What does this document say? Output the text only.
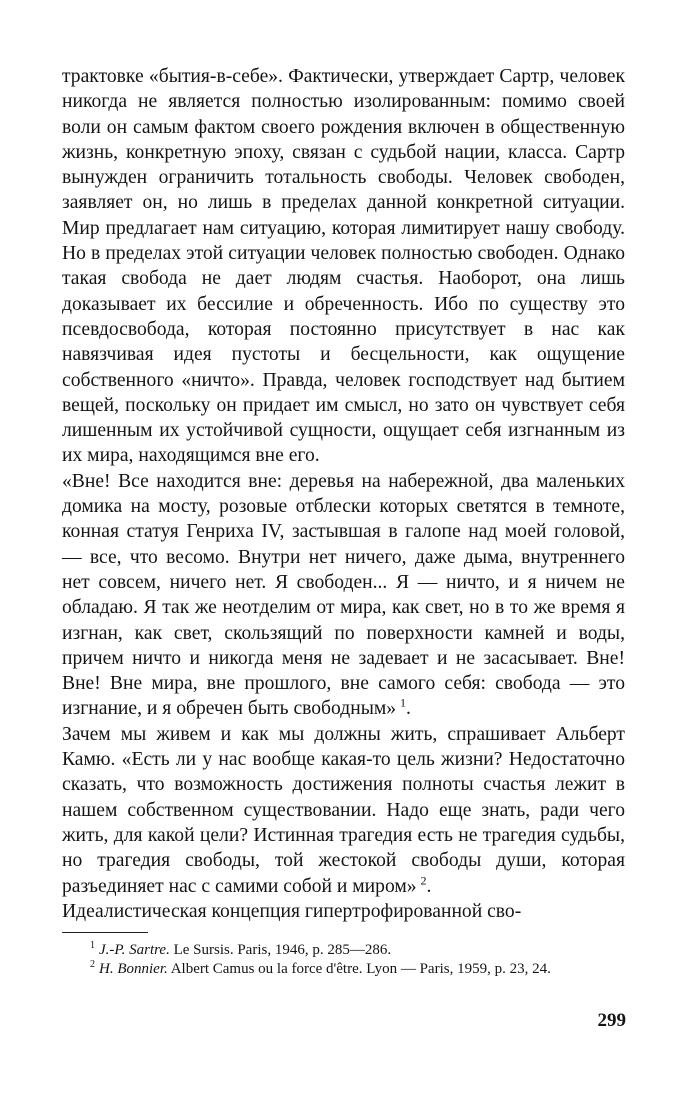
трактовке «бытия-в-себе». Фактически, утверждает Сартр, человек никогда не является полностью изолированным: помимо своей воли он самым фактом своего рождения включен в общественную жизнь, конкретную эпоху, связан с судьбой нации, класса. Сартр вынужден ограничить тотальность свободы. Человек свободен, заявляет он, но лишь в пределах данной конкретной ситуации. Мир предлагает нам ситуацию, которая лимитирует нашу свободу. Но в пределах этой ситуации человек полностью свободен. Однако такая свобода не дает людям счастья. Наоборот, она лишь доказывает их бессилие и обреченность. Ибо по существу это псевдосвобода, которая постоянно присутствует в нас как навязчивая идея пустоты и бесцельности, как ощущение собственного «ничто». Правда, человек господствует над бытием вещей, поскольку он придает им смысл, но зато он чувствует себя лишенным их устойчивой сущности, ощущает себя изгнанным из их мира, находящимся вне его.

«Вне! Все находится вне: деревья на набережной, два маленьких домика на мосту, розовые отблески которых светятся в темноте, конная статуя Генриха IV, застывшая в галопе над моей головой, — все, что весомо. Внутри нет ничего, даже дыма, внутреннего нет совсем, ничего нет. Я свободен... Я — ничто, и я ничем не обладаю. Я так же неотделим от мира, как свет, но в то же время я изгнан, как свет, скользящий по поверхности камней и воды, причем ничто и никогда меня не задевает и не засасывает. Вне! Вне! Вне мира, вне прошлого, вне самого себя: свобода — это изгнание, и я обречен быть свободным»  $^1$.

Зачем мы живем и как мы должны жить, спрашивает Альберт Камю. «Есть ли у нас вообще какая-то цель жизни? Недостаточно сказать, что возможность достижения полноты счастья лежит в нашем собственном существовании. Надо еще знать, ради чего жить, для какой цели? Истинная трагедия есть не трагедия судьбы, но трагедия свободы, той жестокой свободы души, которая разъединяет нас с самими собой и миром»  $^2$.

Идеалистическая концепция гипертрофированной сво-

$^1$ J.-P. Sartre. Le Sursis. Paris, 1946, p. 285—286.

$^2$ H. Bonnier. Albert Camus ou la force d'être. Lyon — Paris, 1959, p. 23, 24.

299
